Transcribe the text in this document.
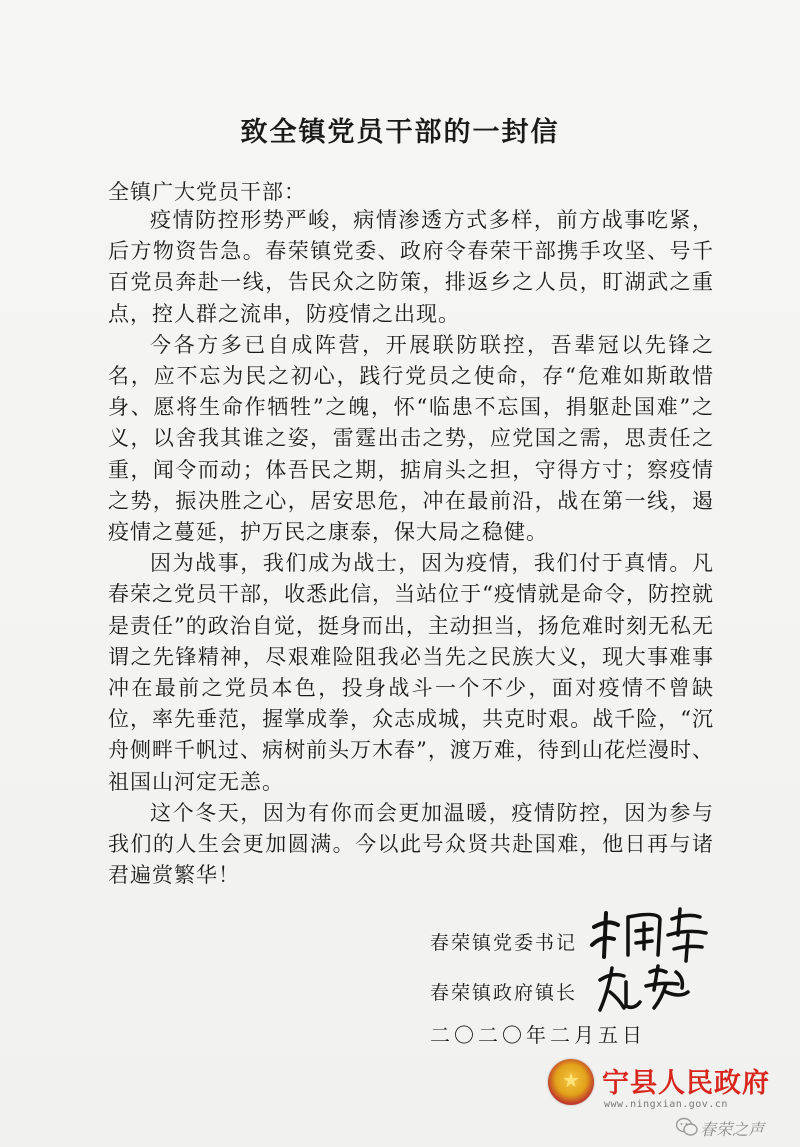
致全镇党员干部的一封信
全镇广大党员干部：

疫情防控形势严峻，病情渗透方式多样，前方战事吃紧，后方物资告急。春荣镇党委、政府令春荣干部携手攻坚、号千百党员奔赴一线，告民众之防策，排返乡之人员，盯湖武之重点，控人群之流串，防疫情之出现。

今各方多已自成阵营，开展联防联控，吾辈冠以先锋之名，应不忘为民之初心，践行党员之使命，存“危难如斯敢惜身、愿将生命作牺牲”之魄，怀“临患不忘国，捐躯赴国难”之义，以舍我其谁之姿，雷霆出击之势，应党国之需，思责任之重，闻令而动；体吾民之期，掂肩头之担，守得方寸；察疫情之势，振决胜之心，居安思危，冲在最前沿，战在第一线，遏疫情之蔓延，护万民之康泰，保大局之稳健。

因为战事，我们成为战士，因为疫情，我们付于真情。凡春荣之党员干部，收悉此信，当站位于“疫情就是命令，防控就是责任”的政治自觉，挺身而出，主动担当，扬危难时刻无私无谓之先锋精神，尽艰难险阻我必当先之民族大义，现大事难事冲在最前之党员本色，投身战斗一个不少，面对疫情不曾缺位，率先垂范，握掌成拳，众志成城，共克时艰。战千险，“沉舟侧畔千帆过、病树前头万木春”，渡万难，待到山花烂漫时、祖国山河定无恙。

这个冬天，因为有你而会更加温暖，疫情防控，因为参与我们的人生会更加圆满。今以此号众贤共赴国难，他日再与诸君遍赏繁华！

春荣镇党委书记
春荣镇政府镇长
二〇二〇年二月五日
★ 宁县人民政府
www.ningxian.gov.cn
春荣之声
